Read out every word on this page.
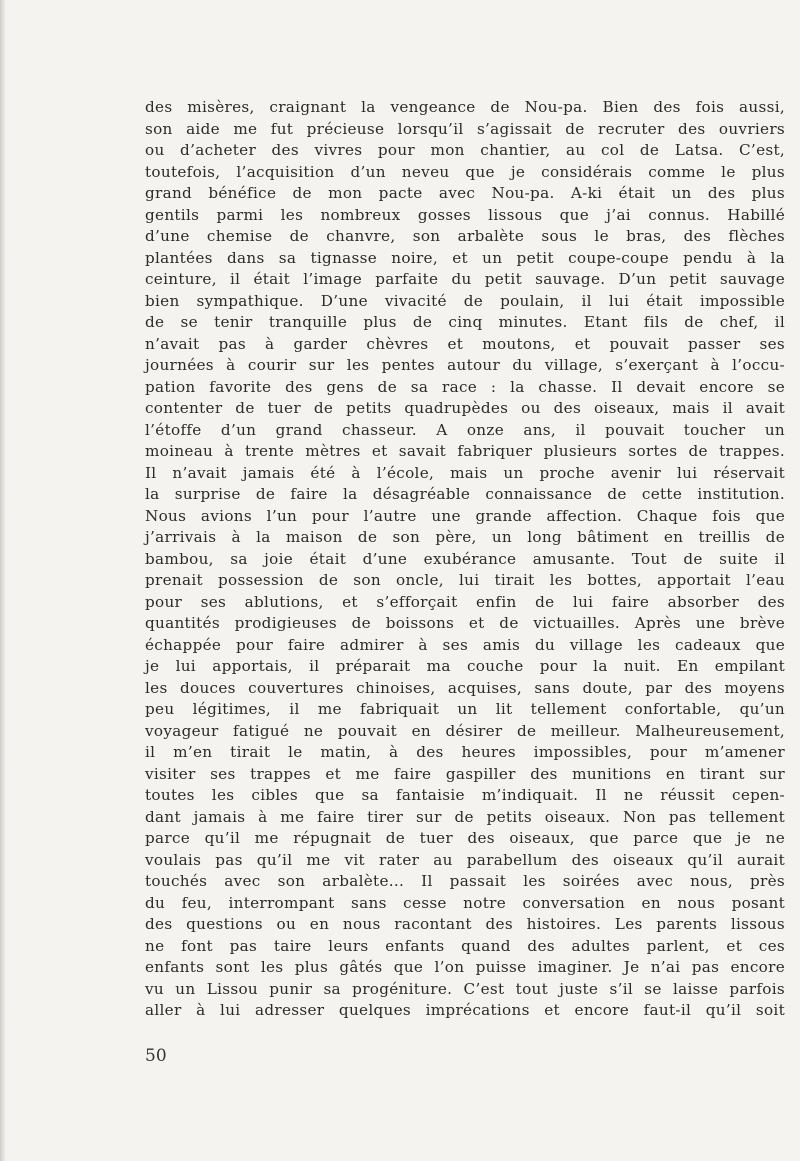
des misères, craignant la vengeance de Nou-pa. Bien des fois aussi,
son aide me fut précieuse lorsqu’il s’agissait de recruter des ouvriers
ou d’acheter des vivres pour mon chantier, au col de Latsa. C’est,
toutefois, l’acquisition d’un neveu que je considérais comme le plus
grand bénéfice de mon pacte avec Nou-pa. A-ki était un des plus
gentils parmi les nombreux gosses lissous que j’ai connus. Habillé
d’une chemise de chanvre, son arbalète sous le bras, des flèches
plantées dans sa tignasse noire, et un petit coupe-coupe pendu à la
ceinture, il était l’image parfaite du petit sauvage. D’un petit sauvage
bien sympathique. D’une vivacité de poulain, il lui était impossible
de se tenir tranquille plus de cinq minutes. Etant fils de chef, il
n’avait pas à garder chèvres et moutons, et pouvait passer ses
journées à courir sur les pentes autour du village, s’exerçant à l’occu-
pation favorite des gens de sa race : la chasse. Il devait encore se
contenter de tuer de petits quadrupèdes ou des oiseaux, mais il avait
l’étoffe d’un grand chasseur. A onze ans, il pouvait toucher un
moineau à trente mètres et savait fabriquer plusieurs sortes de trappes.
Il n’avait jamais été à l’école, mais un proche avenir lui réservait
la surprise de faire la désagréable connaissance de cette institution.
Nous avions l’un pour l’autre une grande affection. Chaque fois que
j’arrivais à la maison de son père, un long bâtiment en treillis de
bambou, sa joie était d’une exubérance amusante. Tout de suite il
prenait possession de son oncle, lui tirait les bottes, apportait l’eau
pour ses ablutions, et s’efforçait enfin de lui faire absorber des
quantités prodigieuses de boissons et de victuailles. Après une brève
échappée pour faire admirer à ses amis du village les cadeaux que
je lui apportais, il préparait ma couche pour la nuit. En empilant
les douces couvertures chinoises, acquises, sans doute, par des moyens
peu légitimes, il me fabriquait un lit tellement confortable, qu’un
voyageur fatigué ne pouvait en désirer de meilleur. Malheureusement,
il m’en tirait le matin, à des heures impossibles, pour m’amener
visiter ses trappes et me faire gaspiller des munitions en tirant sur
toutes les cibles que sa fantaisie m’indiquait. Il ne réussit cepen-
dant jamais à me faire tirer sur de petits oiseaux. Non pas tellement
parce qu’il me répugnait de tuer des oiseaux, que parce que je ne
voulais pas qu’il me vit rater au parabellum des oiseaux qu’il aurait
touchés avec son arbalète... Il passait les soirées avec nous, près
du feu, interrompant sans cesse notre conversation en nous posant
des questions ou en nous racontant des histoires. Les parents lissous
ne font pas taire leurs enfants quand des adultes parlent, et ces
enfants sont les plus gâtés que l’on puisse imaginer. Je n’ai pas encore
vu un Lissou punir sa progéniture. C’est tout juste s’il se laisse parfois
aller à lui adresser quelques imprécations et encore faut-il qu’il soit
50
